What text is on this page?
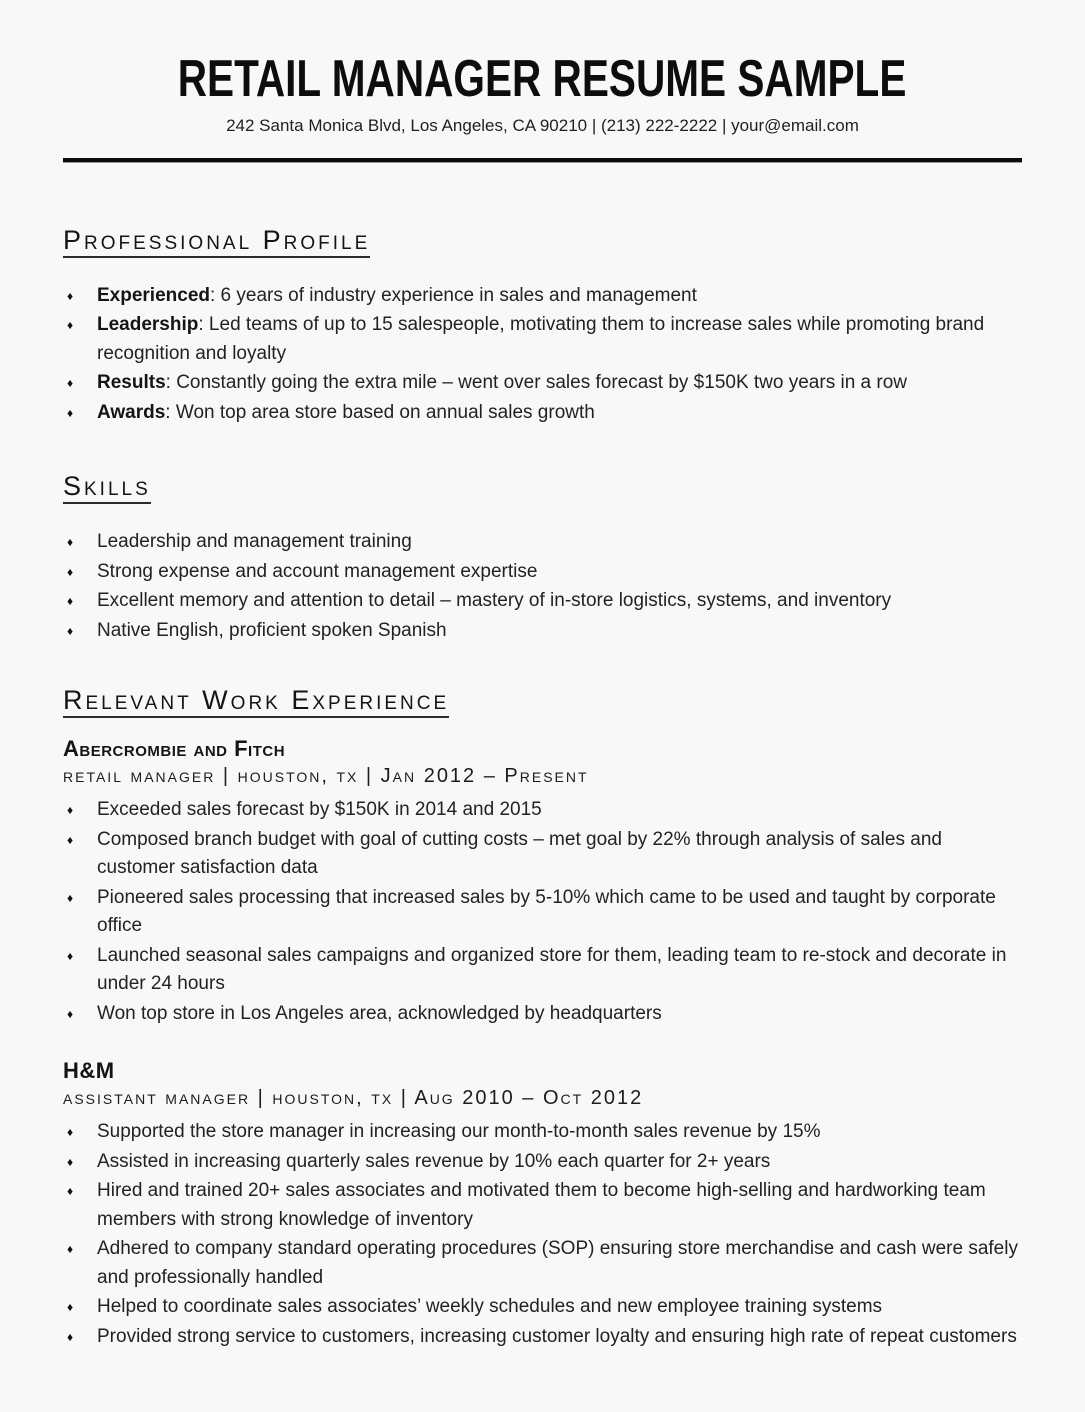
RETAIL MANAGER RESUME SAMPLE

242 Santa Monica Blvd, Los Angeles, CA 90210 | (213) 222-2222 | your@email.com

Professional Profile
♦ Experienced: 6 years of industry experience in sales and management
♦ Leadership: Led teams of up to 15 salespeople, motivating them to increase sales while promoting brand recognition and loyalty
♦ Results: Constantly going the extra mile – went over sales forecast by $150K two years in a row
♦ Awards: Won top area store based on annual sales growth
Skills
♦ Leadership and management training
♦ Strong expense and account management expertise
♦ Excellent memory and attention to detail – mastery of in-store logistics, systems, and inventory
♦ Native English, proficient spoken Spanish
Relevant Work Experience
Abercrombie and Fitch
retail manager | houston, tx | Jan 2012 – Present
♦ Exceeded sales forecast by $150K in 2014 and 2015
♦ Composed branch budget with goal of cutting costs – met goal by 22% through analysis of sales and customer satisfaction data
♦ Pioneered sales processing that increased sales by 5-10% which came to be used and taught by corporate office
♦ Launched seasonal sales campaigns and organized store for them, leading team to re-stock and decorate in under 24 hours
♦ Won top store in Los Angeles area, acknowledged by headquarters
H&M
assistant manager | houston, tx | Aug 2010 – Oct 2012
♦ Supported the store manager in increasing our month-to-month sales revenue by 15%
♦ Assisted in increasing quarterly sales revenue by 10% each quarter for 2+ years
♦ Hired and trained 20+ sales associates and motivated them to become high-selling and hardworking team members with strong knowledge of inventory
♦ Adhered to company standard operating procedures (SOP) ensuring store merchandise and cash were safely and professionally handled
♦ Helped to coordinate sales associates’ weekly schedules and new employee training systems
♦ Provided strong service to customers, increasing customer loyalty and ensuring high rate of repeat customers
